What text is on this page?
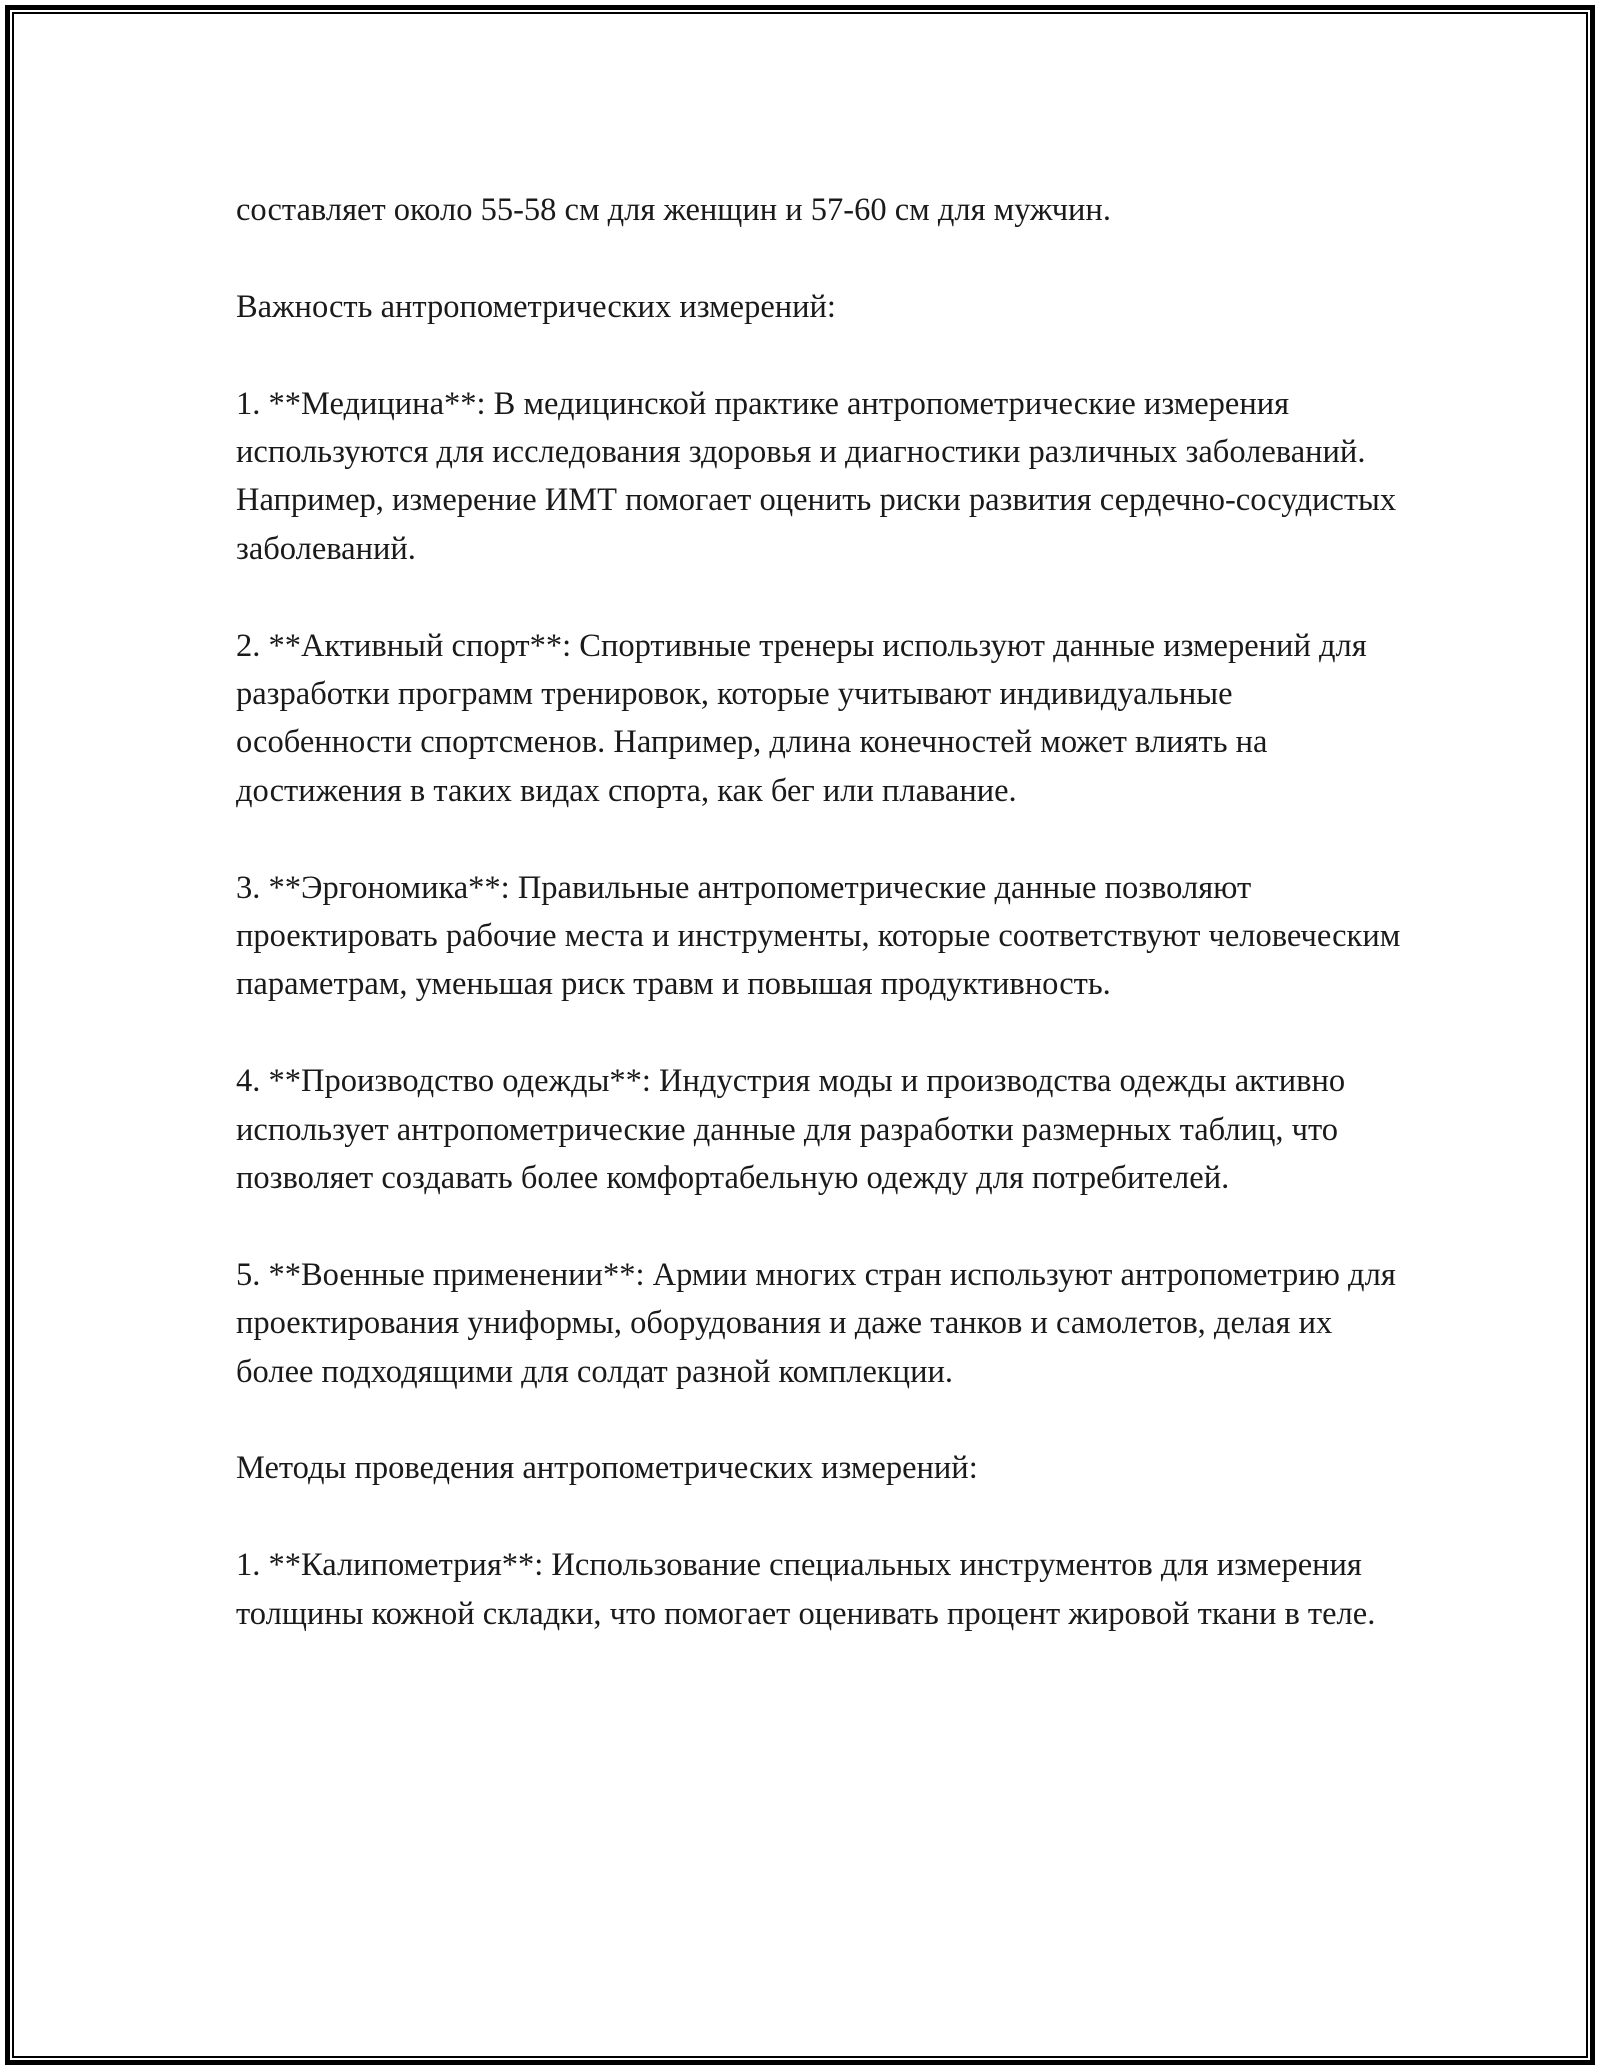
составляет около 55-58 см для женщин и 57-60 см для мужчин.

Важность антропометрических измерений:

1. **Медицина**: В медицинской практике антропометрические измерения используются для исследования здоровья и диагностики различных заболеваний. Например, измерение ИМТ помогает оценить риски развития сердечно-сосудистых заболеваний.

2. **Активный спорт**: Спортивные тренеры используют данные измерений для разработки программ тренировок, которые учитывают индивидуальные особенности спортсменов. Например, длина конечностей может влиять на достижения в таких видах спорта, как бег или плавание.

3. **Эргономика**: Правильные антропометрические данные позволяют проектировать рабочие места и инструменты, которые соответствуют человеческим параметрам, уменьшая риск травм и повышая продуктивность.

4. **Производство одежды**: Индустрия моды и производства одежды активно использует антропометрические данные для разработки размерных таблиц, что позволяет создавать более комфортабельную одежду для потребителей.

5. **Военные применении**: Армии многих стран используют антропометрию для проектирования униформы, оборудования и даже танков и самолетов, делая их более подходящими для солдат разной комплекции.

Методы проведения антропометрических измерений:

1. **Калипометрия**: Использование специальных инструментов для измерения толщины кожной складки, что помогает оценивать процент жировой ткани в теле.
